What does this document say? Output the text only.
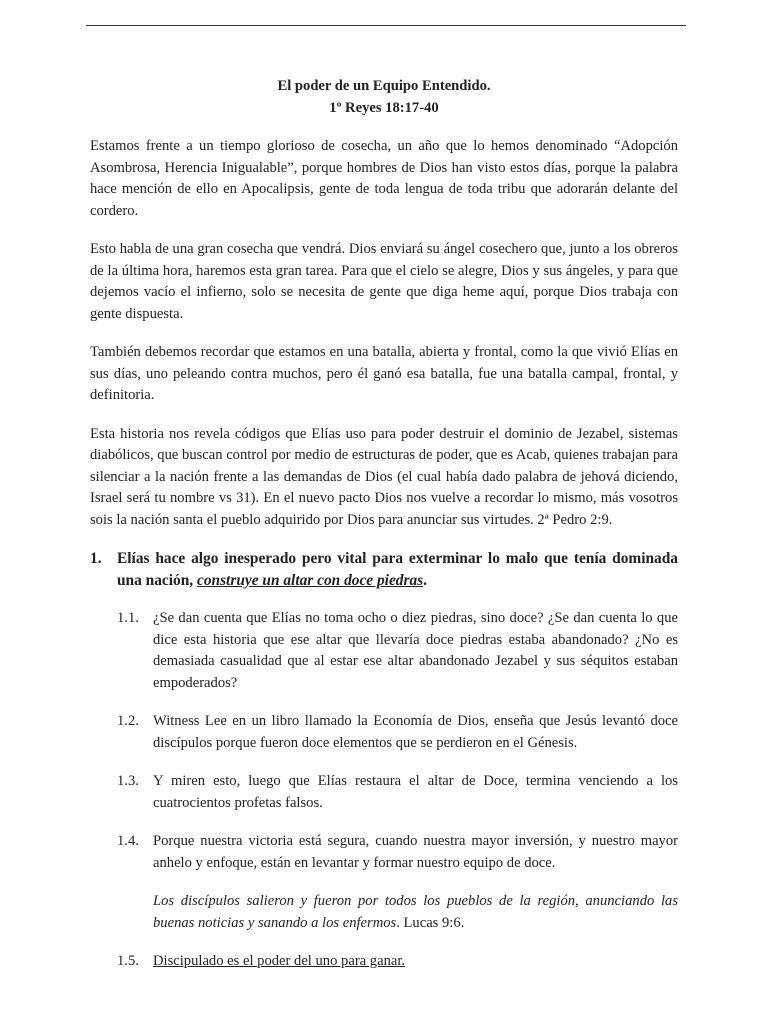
El poder de un Equipo Entendido.

1º Reyes 18:17-40

Estamos frente a un tiempo glorioso de cosecha, un año que lo hemos denominado “Adopción Asombrosa, Herencia Inigualable”, porque hombres de Dios han visto estos días, porque la palabra hace mención de ello en Apocalipsis, gente de toda lengua de toda tribu que adorarán delante del cordero.

Esto habla de una gran cosecha que vendrá. Dios enviará su ángel cosechero que, junto a los obreros de la última hora, haremos esta gran tarea. Para que el cielo se alegre, Dios y sus ángeles, y para que dejemos vacío el infierno, solo se necesita de gente que diga heme aquí, porque Dios trabaja con gente dispuesta.

También debemos recordar que estamos en una batalla, abierta y frontal, como la que vivió Elías en sus días, uno peleando contra muchos, pero él ganó esa batalla, fue una batalla campal, frontal, y definitoria.

Esta historia nos revela códigos que Elías uso para poder destruir el dominio de Jezabel, sistemas diabólicos, que buscan control por medio de estructuras de poder, que es Acab, quienes trabajan para silenciar a la nación frente a las demandas de Dios (el cual había dado palabra de jehová diciendo, Israel será tu nombre vs 31). En el nuevo pacto Dios nos vuelve a recordar lo mismo, más vosotros sois la nación santa el pueblo adquirido por Dios para anunciar sus virtudes. 2ª Pedro 2:9.

1. Elías hace algo inesperado pero vital para exterminar lo malo que tenía dominada una nación, construye un altar con doce piedras.
1.1. ¿Se dan cuenta que Elías no toma ocho o diez piedras, sino doce? ¿Se dan cuenta lo que dice esta historia que ese altar que llevaría doce piedras estaba abandonado? ¿No es demasiada casualidad que al estar ese altar abandonado Jezabel y sus séquitos estaban empoderados?
1.2. Witness Lee en un libro llamado la Economía de Dios, enseña que Jesús levantó doce discípulos porque fueron doce elementos que se perdieron en el Génesis.
1.3. Y miren esto, luego que Elías restaura el altar de Doce, termina venciendo a los cuatrocientos profetas falsos.
1.4. Porque nuestra victoria está segura, cuando nuestra mayor inversión, y nuestro mayor anhelo y enfoque, están en levantar y formar nuestro equipo de doce.
Los discípulos salieron y fueron por todos los pueblos de la región, anunciando las buenas noticias y sanando a los enfermos. Lucas 9:6.
1.5. Discipulado es el poder del uno para ganar.
